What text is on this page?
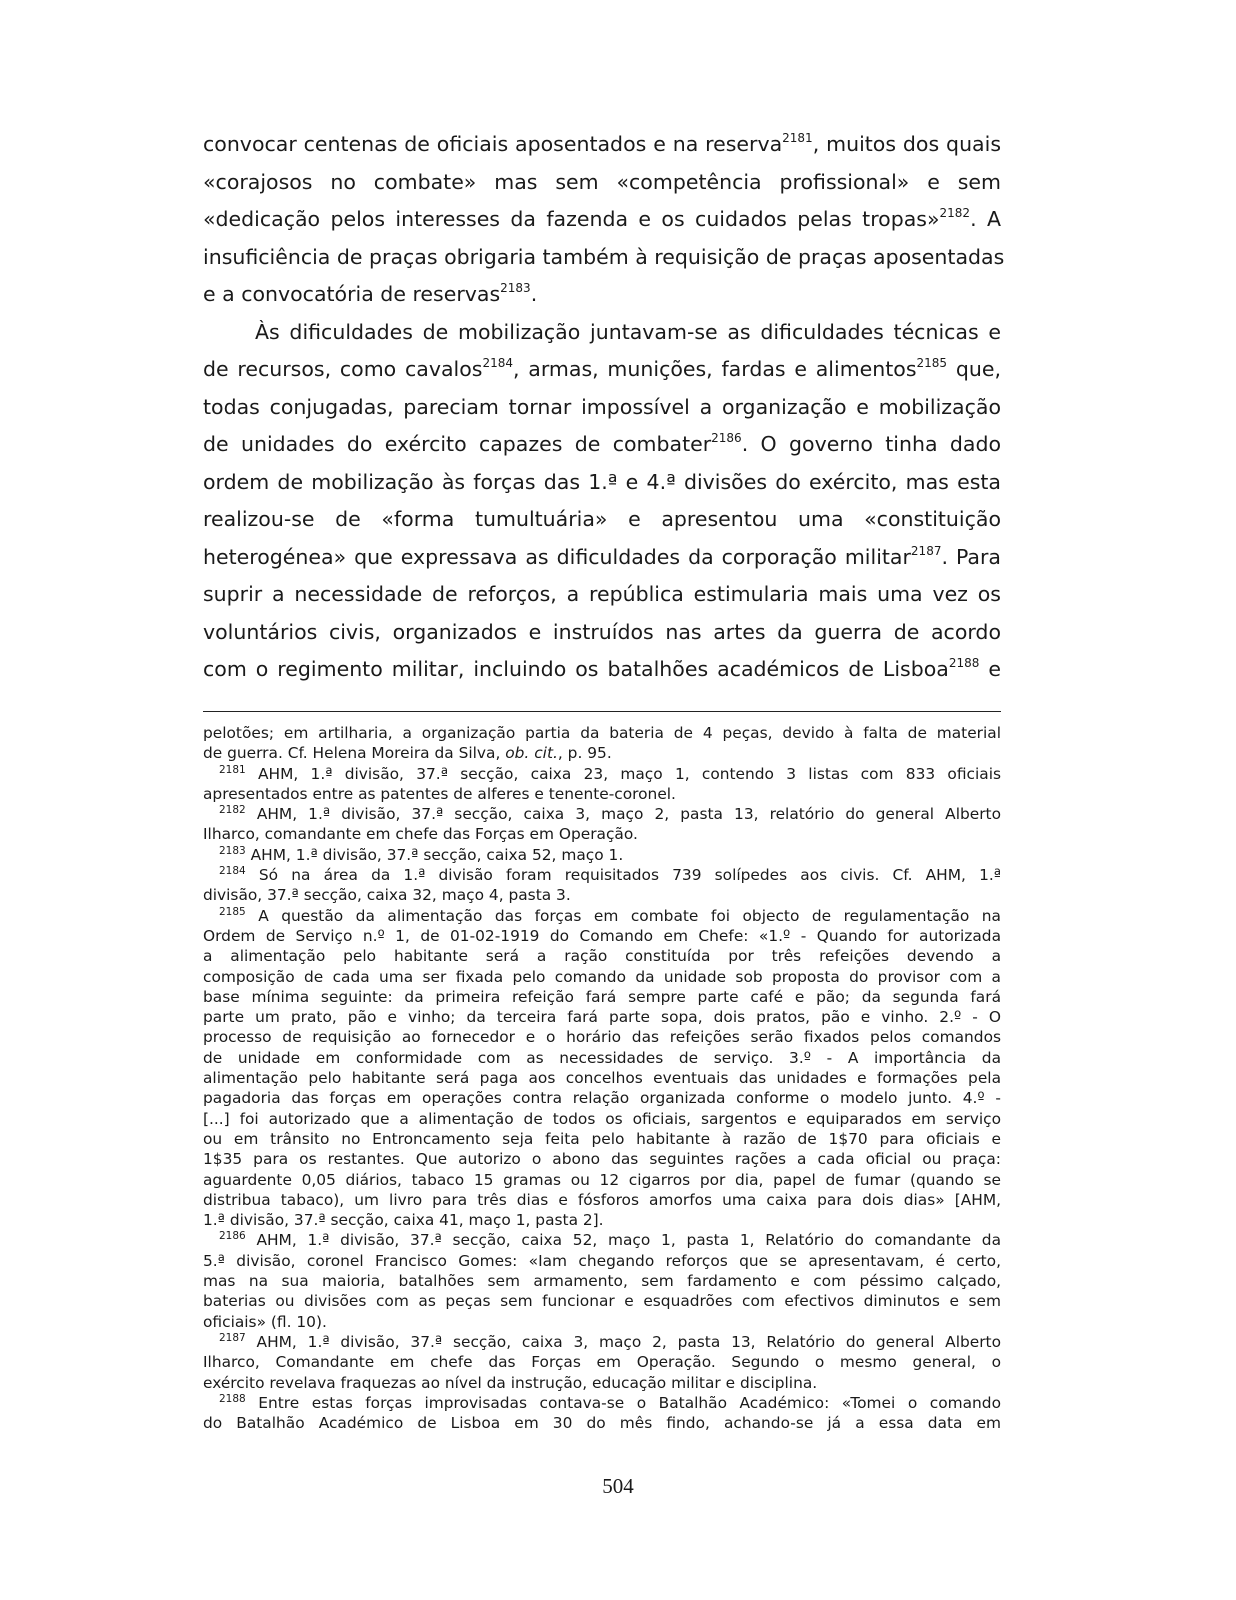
convocar centenas de oficiais aposentados e na reserva$^{2181}$, muitos dos quais
«corajosos no combate» mas sem «competência profissional» e sem
«dedicação pelos interesses da fazenda e os cuidados pelas tropas»$^{2182}$. A
insuficiência de praças obrigaria também à requisição de praças aposentadas
e a convocatória de reservas$^{2183}$.
Às dificuldades de mobilização juntavam-se as dificuldades técnicas e
de recursos, como cavalos$^{2184}$, armas, munições, fardas e alimentos$^{2185}$ que,
todas conjugadas, pareciam tornar impossível a organização e mobilização
de unidades do exército capazes de combater$^{2186}$. O governo tinha dado
ordem de mobilização às forças das 1.ª e 4.ª divisões do exército, mas esta
realizou-se de «forma tumultuária» e apresentou uma «constituição
heterogénea» que expressava as dificuldades da corporação militar$^{2187}$. Para
suprir a necessidade de reforços, a república estimularia mais uma vez os
voluntários civis, organizados e instruídos nas artes da guerra de acordo
com o regimento militar, incluindo os batalhões académicos de Lisboa$^{2188}$ e
pelotões; em artilharia, a organização partia da bateria de 4 peças, devido à falta de material
de guerra. Cf. Helena Moreira da Silva, ob. cit., p. 95.
$^{2181}$ AHM, 1.ª divisão, 37.ª secção, caixa 23, maço 1, contendo 3 listas com 833 oficiais
apresentados entre as patentes de alferes e tenente-coronel.
$^{2182}$ AHM, 1.ª divisão, 37.ª secção, caixa 3, maço 2, pasta 13, relatório do general Alberto
Ilharco, comandante em chefe das Forças em Operação.
$^{2183}$ AHM, 1.ª divisão, 37.ª secção, caixa 52, maço 1.
$^{2184}$ Só na área da 1.ª divisão foram requisitados 739 solípedes aos civis. Cf. AHM, 1.ª
divisão, 37.ª secção, caixa 32, maço 4, pasta 3.
$^{2185}$ A questão da alimentação das forças em combate foi objecto de regulamentação na
Ordem de Serviço n.º 1, de 01-02-1919 do Comando em Chefe: «1.º - Quando for autorizada
a alimentação pelo habitante será a ração constituída por três refeições devendo a
composição de cada uma ser fixada pelo comando da unidade sob proposta do provisor com a
base mínima seguinte: da primeira refeição fará sempre parte café e pão; da segunda fará
parte um prato, pão e vinho; da terceira fará parte sopa, dois pratos, pão e vinho. 2.º - O
processo de requisição ao fornecedor e o horário das refeições serão fixados pelos comandos
de unidade em conformidade com as necessidades de serviço. 3.º - A importância da
alimentação pelo habitante será paga aos concelhos eventuais das unidades e formações pela
pagadoria das forças em operações contra relação organizada conforme o modelo junto. 4.º -
[...] foi autorizado que a alimentação de todos os oficiais, sargentos e equiparados em serviço
ou em trânsito no Entroncamento seja feita pelo habitante à razão de 1$70 para oficiais e
1$35 para os restantes. Que autorizo o abono das seguintes rações a cada oficial ou praça:
aguardente 0,05 diários, tabaco 15 gramas ou 12 cigarros por dia, papel de fumar (quando se
distribua tabaco), um livro para três dias e fósforos amorfos uma caixa para dois dias» [AHM,
1.ª divisão, 37.ª secção, caixa 41, maço 1, pasta 2].
$^{2186}$ AHM, 1.ª divisão, 37.ª secção, caixa 52, maço 1, pasta 1, Relatório do comandante da
5.ª divisão, coronel Francisco Gomes: «Iam chegando reforços que se apresentavam, é certo,
mas na sua maioria, batalhões sem armamento, sem fardamento e com péssimo calçado,
baterias ou divisões com as peças sem funcionar e esquadrões com efectivos diminutos e sem
oficiais» (fl. 10).
$^{2187}$ AHM, 1.ª divisão, 37.ª secção, caixa 3, maço 2, pasta 13, Relatório do general Alberto
Ilharco, Comandante em chefe das Forças em Operação. Segundo o mesmo general, o
exército revelava fraquezas ao nível da instrução, educação militar e disciplina.
$^{2188}$ Entre estas forças improvisadas contava-se o Batalhão Académico: «Tomei o comando
do Batalhão Académico de Lisboa em 30 do mês findo, achando-se já a essa data em
504
